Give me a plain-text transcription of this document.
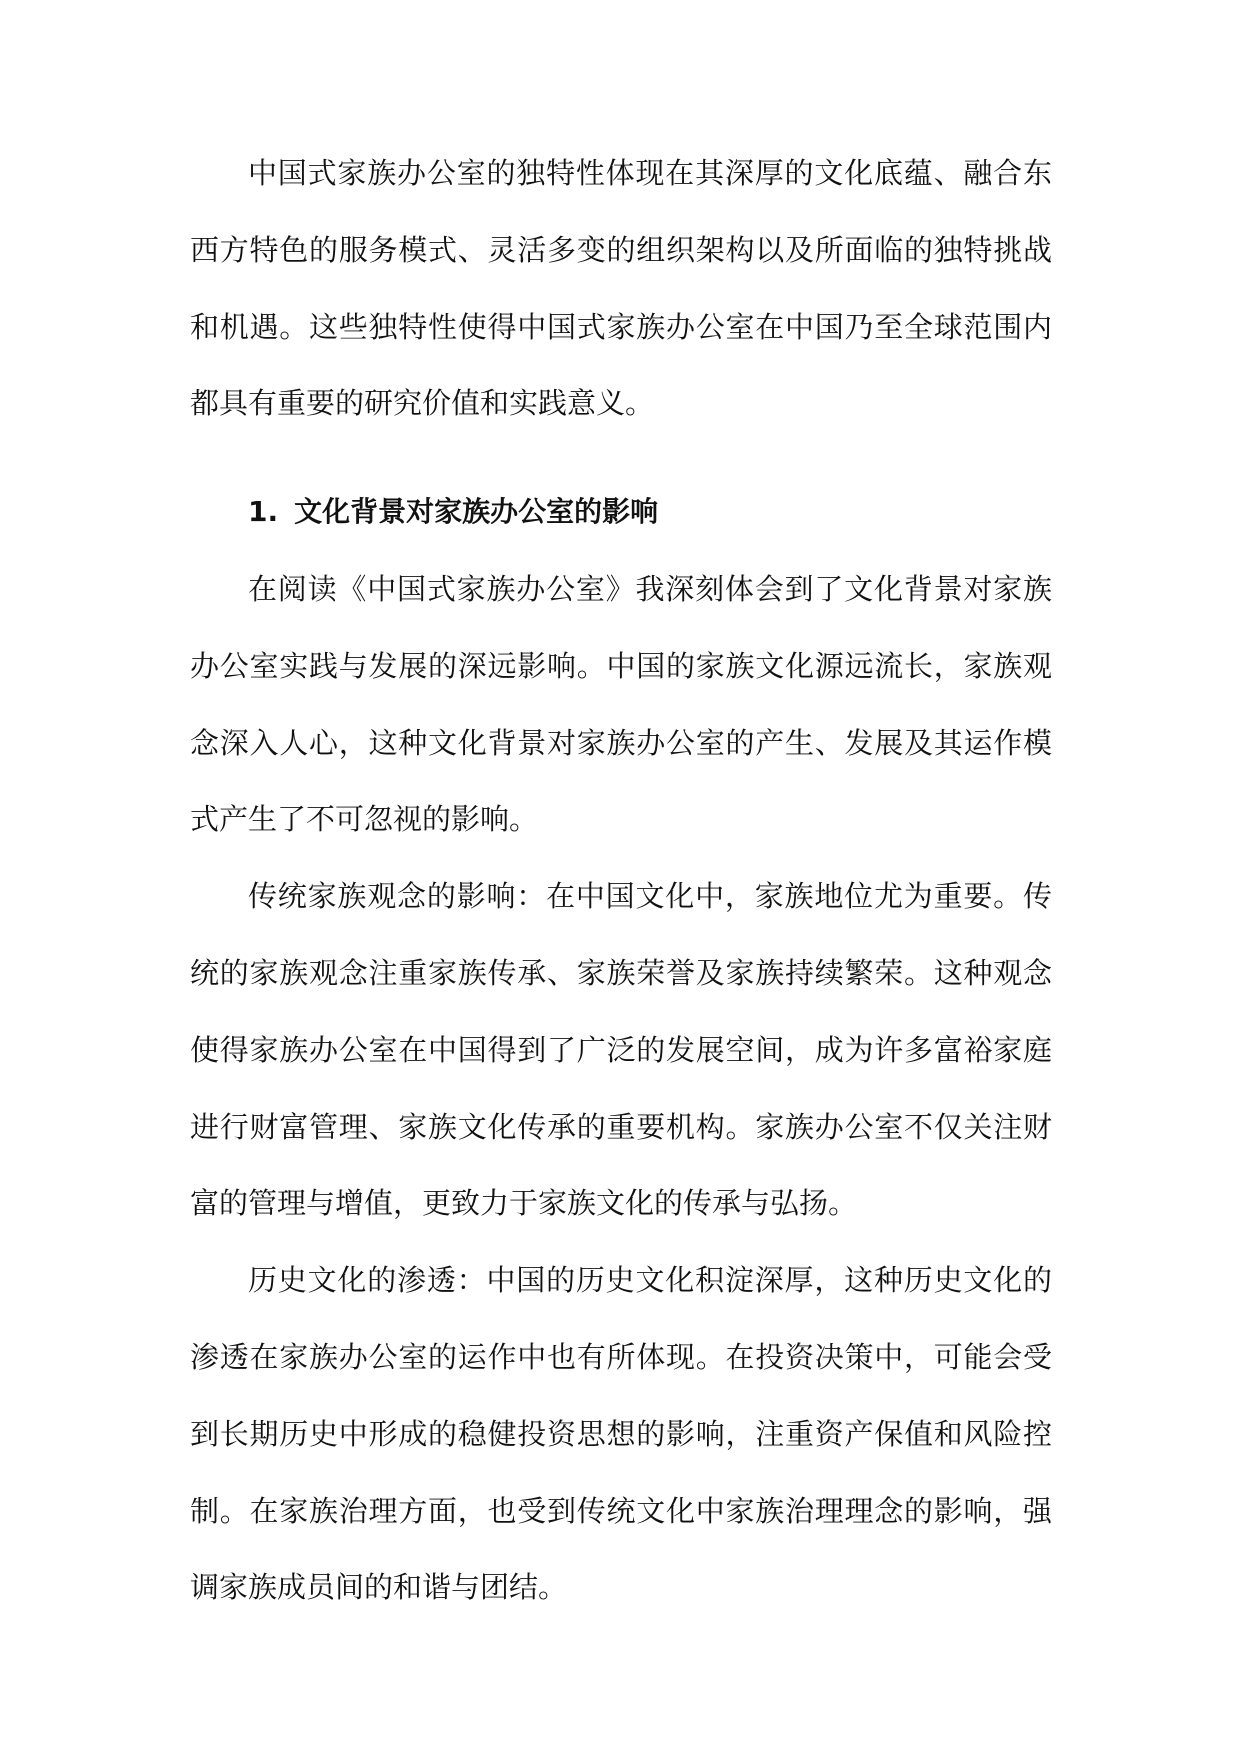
中国式家族办公室的独特性体现在其深厚的文化底蕴、融合东西方特色的服务模式、灵活多变的组织架构以及所面临的独特挑战和机遇。这些独特性使得中国式家族办公室在中国乃至全球范围内都具有重要的研究价值和实践意义。

1. 文化背景对家族办公室的影响

在阅读《中国式家族办公室》我深刻体会到了文化背景对家族办公室实践与发展的深远影响。中国的家族文化源远流长，家族观念深入人心，这种文化背景对家族办公室的产生、发展及其运作模式产生了不可忽视的影响。

传统家族观念的影响：在中国文化中，家族地位尤为重要。传统的家族观念注重家族传承、家族荣誉及家族持续繁荣。这种观念使得家族办公室在中国得到了广泛的发展空间，成为许多富裕家庭进行财富管理、家族文化传承的重要机构。家族办公室不仅关注财富的管理与增值，更致力于家族文化的传承与弘扬。

历史文化的渗透：中国的历史文化积淀深厚，这种历史文化的渗透在家族办公室的运作中也有所体现。在投资决策中，可能会受到长期历史中形成的稳健投资思想的影响，注重资产保值和风险控制。在家族治理方面，也受到传统文化中家族治理理念的影响，强调家族成员间的和谐与团结。
